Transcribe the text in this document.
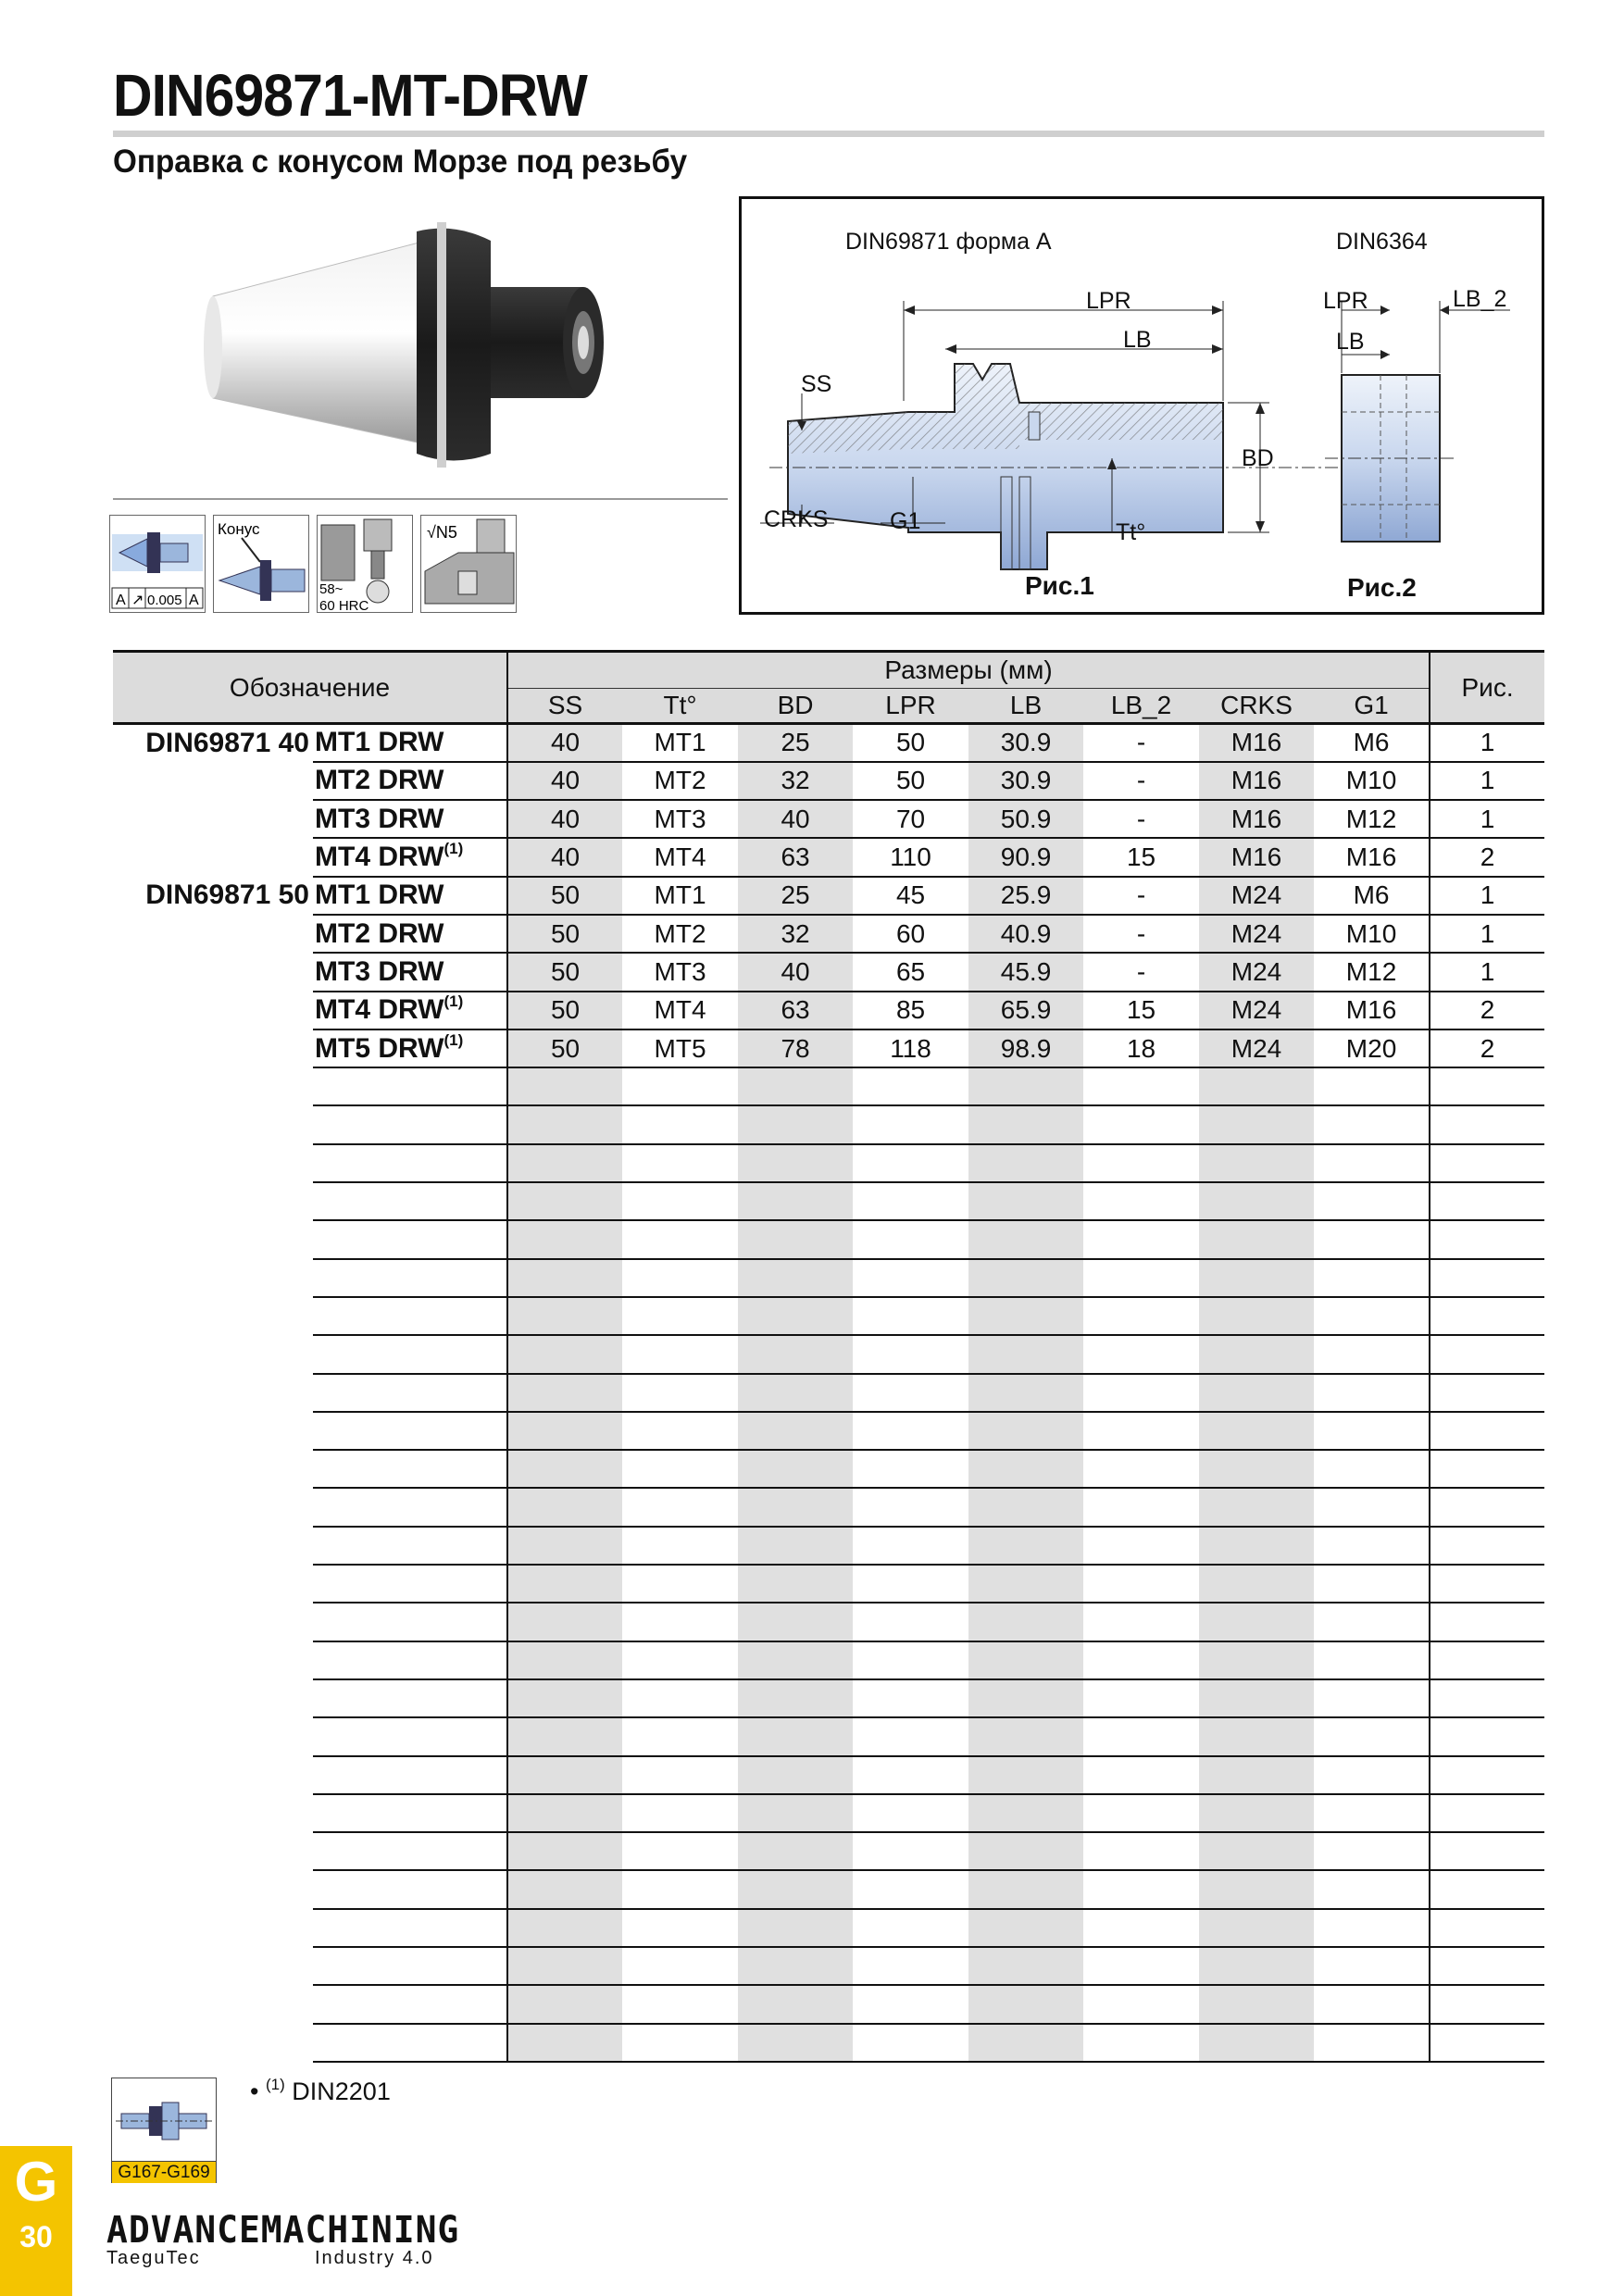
DIN69871-MT-DRW
Оправка с конусом Морзе под резьбу
A ↗ 0.005 A
Конус
58~
60 HRC
√N5
DIN69871 форма A	DIN6364
LPR
LB
SS
BD
CRKS	G1	Tt°
LPR	LB_2
LB
Рис.1	Рис.2
Обозначение		Размеры (мм)								Рис.
		SS	Tt°	BD	LPR	LB	LB_2	CRKS	G1	
DIN69871 40	MT1 DRW	40	MT1	25	50	30.9	-	M16	M6	1
	MT2 DRW	40	MT2	32	50	30.9	-	M16	M10	1
	MT3 DRW	40	MT3	40	70	50.9	-	M16	M12	1
	MT4 DRW$^{(1)}$	40	MT4	63	110	90.9	15	M16	M16	2
DIN69871 50	MT1 DRW	50	MT1	25	45	25.9	-	M24	M6	1
	MT2 DRW	50	MT2	32	60	40.9	-	M24	M10	1
	MT3 DRW	50	MT3	40	65	45.9	-	M24	M12	1
	MT4 DRW$^{(1)}$	50	MT4	63	85	65.9	15	M24	M16	2
	MT5 DRW$^{(1)}$	50	MT5	78	118	98.9	18	M24	M20	2

G167-G169
• $^{(1)}$ DIN2201
G
30	ADVANCEMACHINING
TaeguTec	Industry 4.0
